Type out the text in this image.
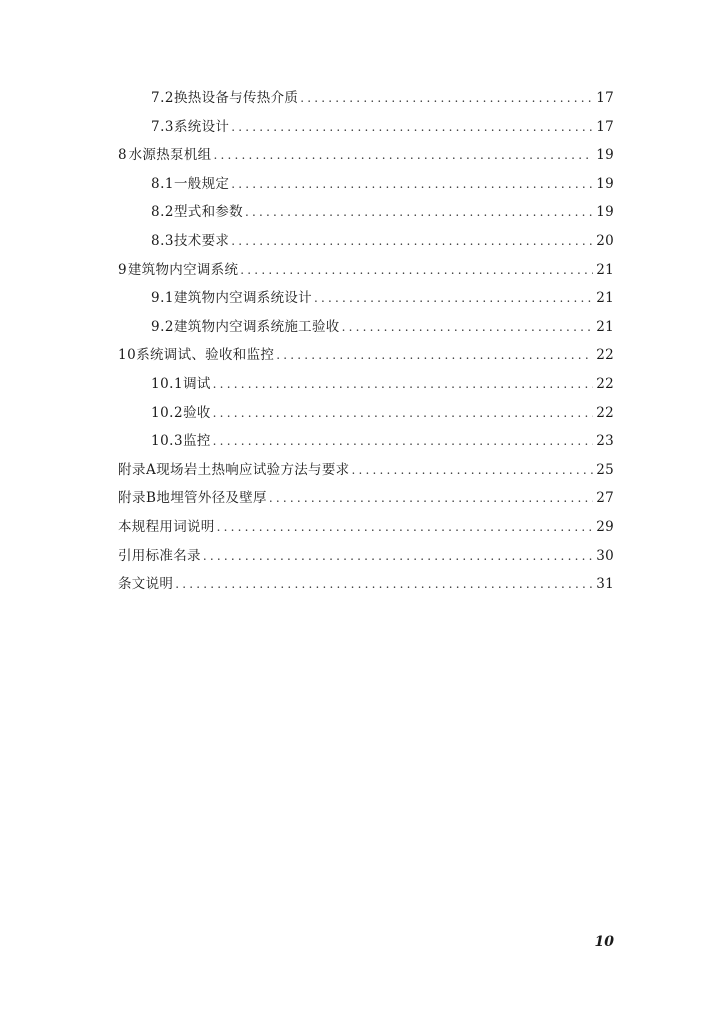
7.2 换热设备与传热介质 .....	17
7.3 系统设计 .....	17
8 水源热泵机组 .....	19
8.1 一般规定 .....	19
8.2 型式和参数 .....	19
8.3 技术要求 .....	20
9 建筑物内空调系统 .....	21
9.1 建筑物内空调系统设计 .....	21
9.2 建筑物内空调系统施工验收 .....	21
10 系统调试、验收和监控 .....	22
10.1 调试 .....	22
10.2 验收 .....	22
10.3 监控 .....	23
附录A 现场岩土热响应试验方法与要求 .....	25
附录B 地埋管外径及壁厚 .....	27
本规程用词说明 .....	29
引用标准名录 .....	30
条文说明 .....	31
10
